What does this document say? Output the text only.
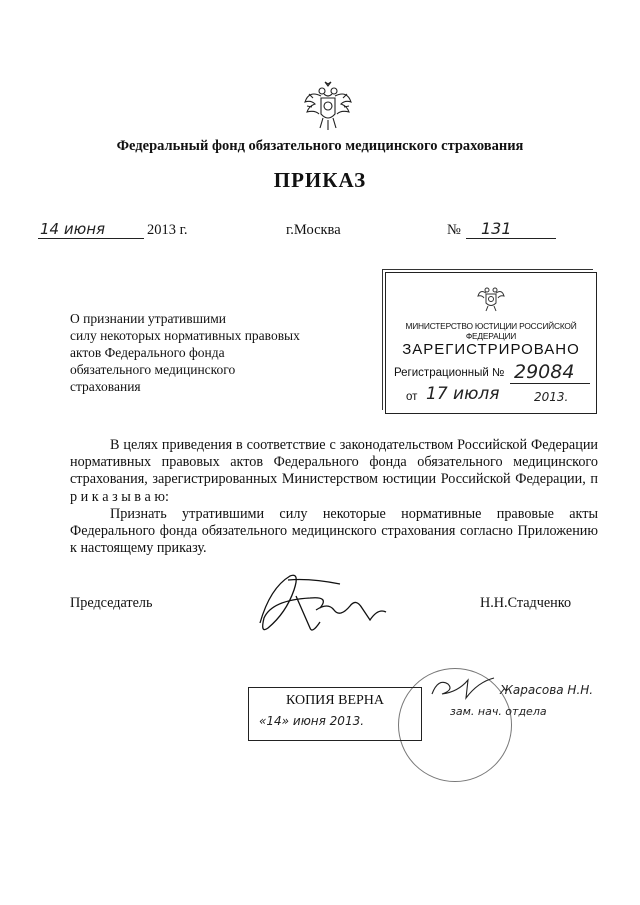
Федеральный фонд обязательного медицинского страхования
ПРИКАЗ
14 июня	2013 г.	г.Москва	№ 131
О признании утратившими
силу некоторых нормативных правовых
актов Федерального фонда
обязательного медицинского
страхования
МИНИСТЕРСТВО ЮСТИЦИИ РОССИЙСКОЙ ФЕДЕРАЦИИ
ЗАРЕГИСТРИРОВАНО
Регистрационный № 29084
от 17 июля	2013.

В целях приведения в соответствие с законодательством Российской Федерации нормативных правовых актов Федерального фонда обязательного медицинского страхования, зарегистрированных Министерством юстиции Российской Федерации, п р и к а з ы в а ю:

Признать утратившими силу некоторые нормативные правовые акты Федерального фонда обязательного медицинского страхования согласно Приложению к настоящему приказу.

Председатель	Н.Н.Стадченко
КОПИЯ ВЕРНА
«14» июня 2013.
Жарасова Н.Н.
зам. нач. отдела
